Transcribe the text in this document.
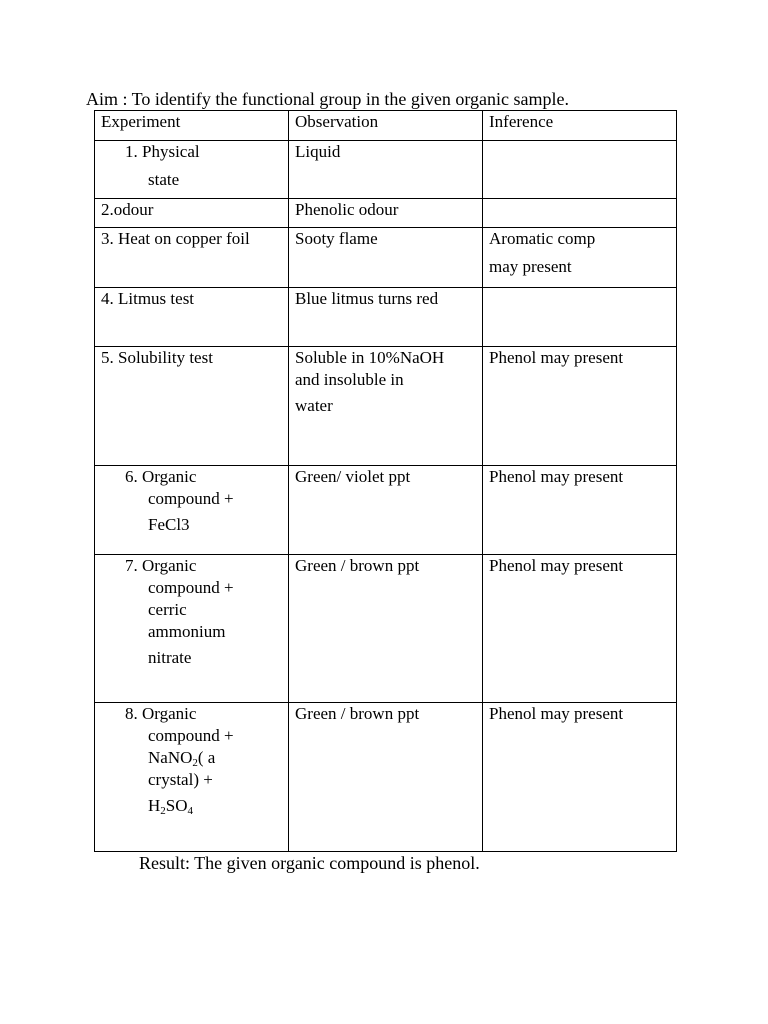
Aim : To identify the functional group in the given organic sample.
Experiment	Observation	Inference

1. Physical
state	Liquid	

2.odour	Phenolic odour	

3. Heat on copper foil	Sooty flame	Aromatic comp
may present

4. Litmus test	Blue litmus turns red	

5. Solubility test	Soluble in 10%NaOH
and insoluble in
water	Phenol may present

6. Organic
compound +
FeCl3	Green/ violet ppt	Phenol may present

7. Organic
compound +
cerric
ammonium
nitrate	Green / brown ppt	Phenol may present

8. Organic
compound +
NaNO$_2$( a
crystal) +
$H_2SO_4$	Green / brown ppt	Phenol may present
Result: The given organic compound is phenol.
